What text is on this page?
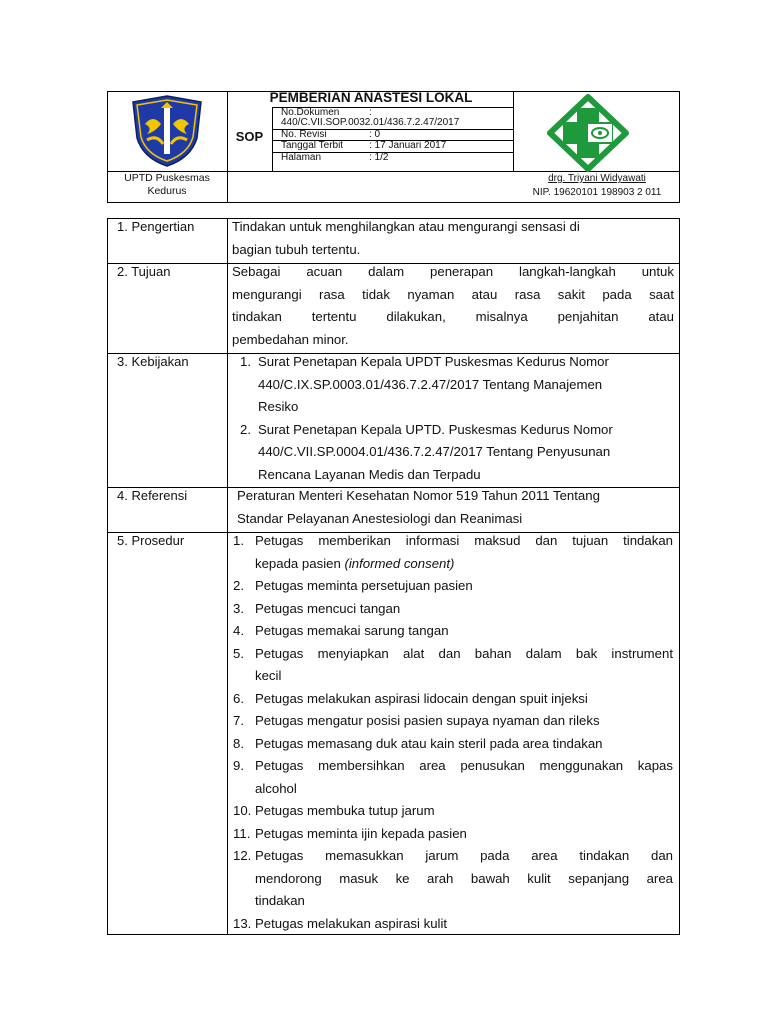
PEMBERIAN ANASTESI LOKAL
SOP
No.Dokumen	:
440/C.VII.SOP.0032.01/436.7.2.47/2017
No. Revisi	: 0
Tanggal Terbit	: 17 Januari 2017
Halaman	: 1/2
UPTD Puskesmas
Kedurus
drg. Triyani Widyawati
NIP. 19620101 198903 2 011
1. Pengertian	Tindakan untuk menghilangkan atau mengurangi sensasi di
bagian tubuh tertentu.
2. Tujuan	Sebagai acuan dalam penerapan langkah-langkah untuk
mengurangi rasa tidak nyaman atau rasa sakit pada saat
tindakan tertentu dilakukan, misalnya penjahitan atau
pembedahan minor.
3. Kebijakan	1. Surat Penetapan Kepala UPDT Puskesmas Kedurus Nomor
440/C.IX.SP.0003.01/436.7.2.47/2017 Tentang Manajemen
Resiko
2. Surat Penetapan Kepala UPTD. Puskesmas Kedurus Nomor
440/C.VII.SP.0004.01/436.7.2.47/2017 Tentang Penyusunan
Rencana Layanan Medis dan Terpadu
4. Referensi	Peraturan Menteri Kesehatan Nomor 519 Tahun 2011 Tentang
Standar Pelayanan Anestesiologi dan Reanimasi
5. Prosedur	1. Petugas memberikan informasi maksud dan tujuan tindakan
kepada pasien (informed consent)
2. Petugas meminta persetujuan pasien
3. Petugas mencuci tangan
4. Petugas memakai sarung tangan
5. Petugas menyiapkan alat dan bahan dalam bak instrument
kecil
6. Petugas melakukan aspirasi lidocain dengan spuit injeksi
7. Petugas mengatur posisi pasien supaya nyaman dan rileks
8. Petugas memasang duk atau kain steril pada area tindakan
9. Petugas membersihkan area penusukan menggunakan kapas
alcohol
10. Petugas membuka tutup jarum
11. Petugas meminta ijin kepada pasien
12. Petugas memasukkan jarum pada area tindakan dan
mendorong masuk ke arah bawah kulit sepanjang area
tindakan
13. Petugas melakukan aspirasi kulit
